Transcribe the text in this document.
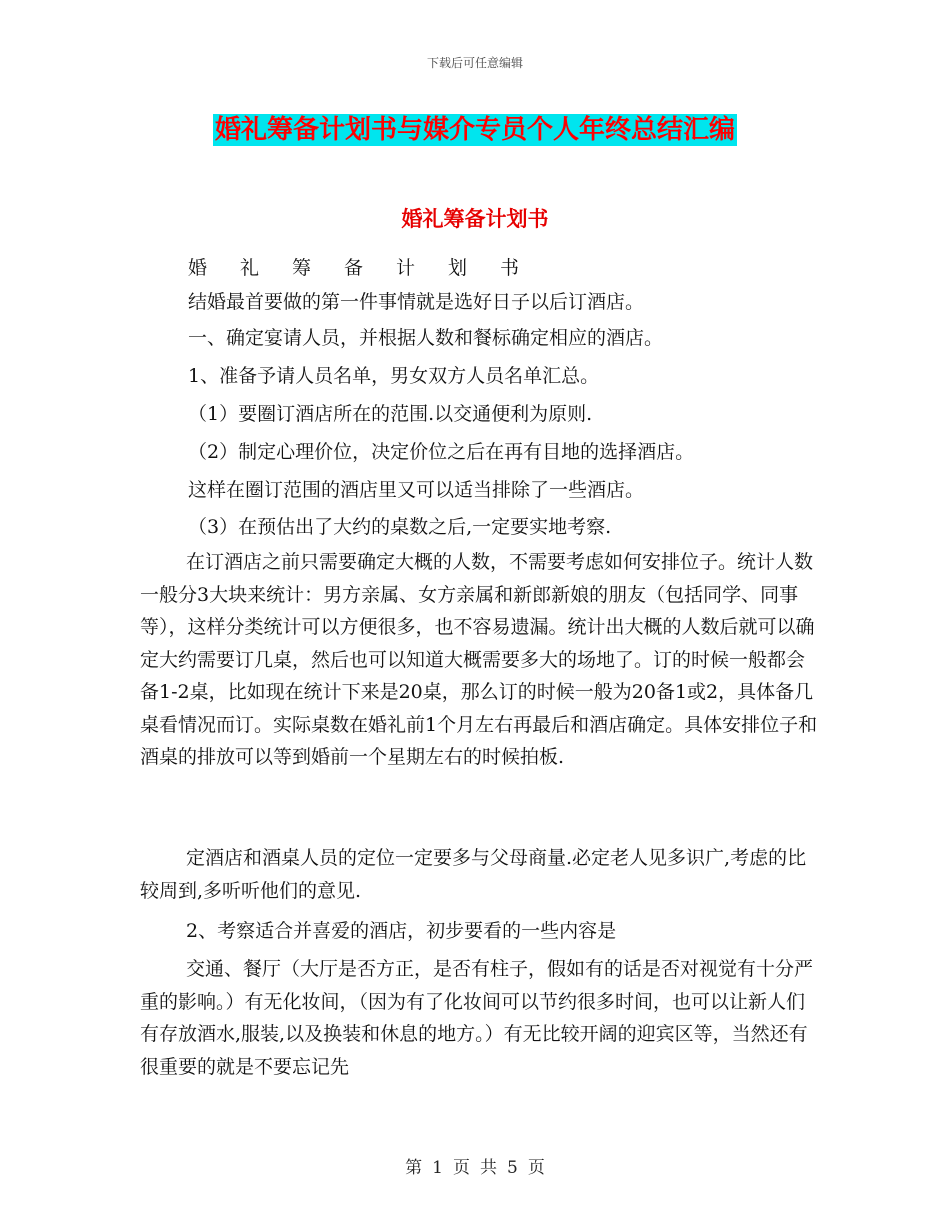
下载后可任意编辑
婚礼筹备计划书与媒介专员个人年终总结汇编
婚礼筹备计划书
婚礼筹备计划书
结婚最首要做的第一件事情就是选好日子以后订酒店。
一、确定宴请人员，并根据人数和餐标确定相应的酒店。
1、准备予请人员名单，男女双方人员名单汇总。
（1）要圈订酒店所在的范围.以交通便利为原则.
（2）制定心理价位，决定价位之后在再有目地的选择酒店。
这样在圈订范围的酒店里又可以适当排除了一些酒店。
（3）在预估出了大约的桌数之后,一定要实地考察.

在订酒店之前只需要确定大概的人数，不需要考虑如何安排位子。统计人数一般分3大块来统计：男方亲属、女方亲属和新郎新娘的朋友（包括同学、同事等），这样分类统计可以方便很多，也不容易遗漏。统计出大概的人数后就可以确定大约需要订几桌，然后也可以知道大概需要多大的场地了。订的时候一般都会备1-2桌，比如现在统计下来是20桌，那么订的时候一般为20备1或2，具体备几桌看情况而订。实际桌数在婚礼前1个月左右再最后和酒店确定。具体安排位子和酒桌的排放可以等到婚前一个星期左右的时候拍板.

定酒店和酒桌人员的定位一定要多与父母商量.必定老人见多识广,考虑的比较周到,多听听他们的意见.

2、考察适合并喜爱的酒店，初步要看的一些内容是

交通、餐厅（大厅是否方正，是否有柱子，假如有的话是否对视觉有十分严重的影响。）有无化妆间，（因为有了化妆间可以节约很多时间，也可以让新人们有存放酒水,服装,以及换装和休息的地方。）有无比较开阔的迎宾区等，当然还有很重要的就是不要忘记先

第 1 页 共 5 页
